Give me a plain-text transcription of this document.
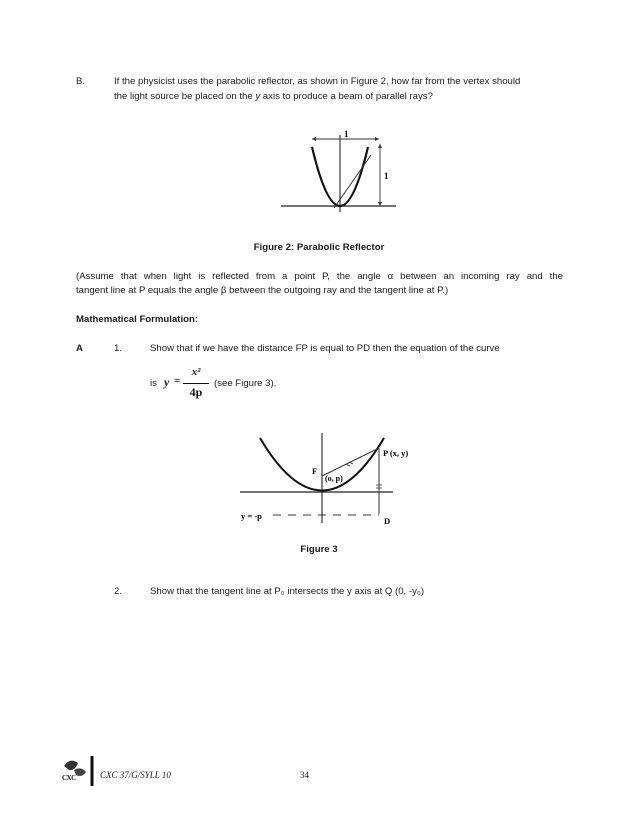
B.	If the physicist uses the parabolic reflector, as shown in Figure 2, how far from the vertex should
the light source be placed on the y axis to produce a beam of parallel rays?
1
1
Figure 2: Parabolic Reflector
(Assume that when light is reflected from a point P, the angle α between an incoming ray and the
tangent line at P equals the angle β between the outgoing ray and the tangent line at P.)
Mathematical Formulation:
A	1.	Show that if we have the distance FP is equal to PD then the equation of the curve
is y =
x²
4p
(see Figure 3).
P (x, y)
F
(o, p)
y = -p	D
Figure 3
2.	Show that the tangent line at P₀ intersects the y axis at Q (0, -y₀)
CXC	CXC 37/G/SYLL 10	34
